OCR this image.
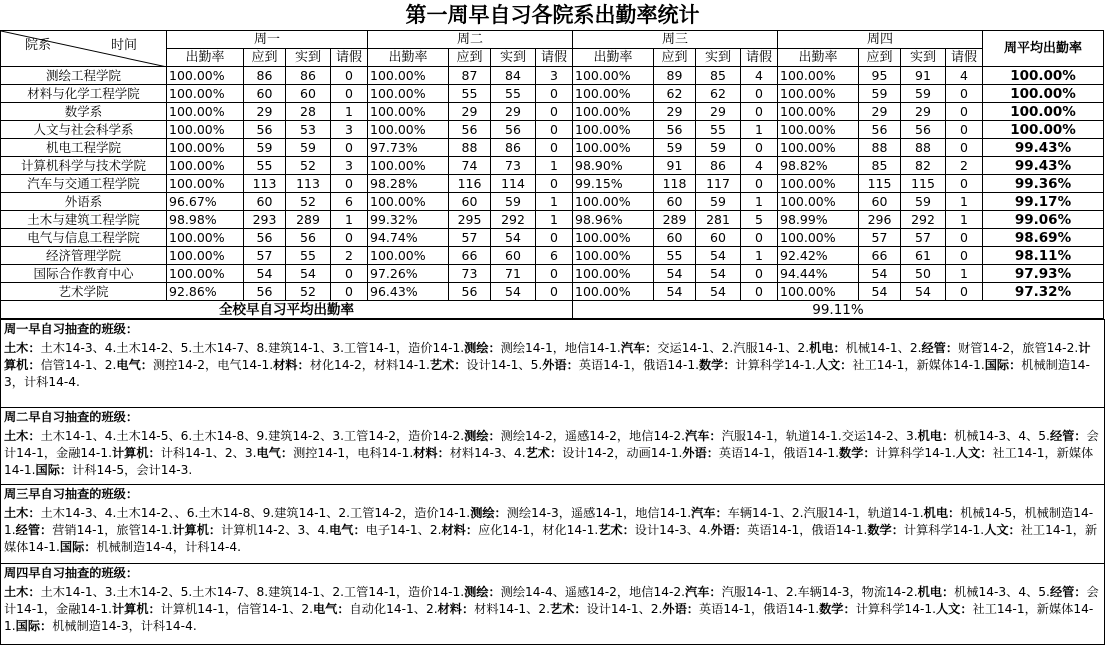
第一周早自习各院系出勤率统计
院系 时间	周一				周二				周三				周四				周平均出勤率
	出勤率	应到	实到	请假	出勤率	应到	实到	请假	出勤率	应到	实到	请假	出勤率	应到	实到	请假	
测绘工程学院	100.00%	86	86	0	100.00%	87	84	3	100.00%	89	85	4	100.00%	95	91	4	100.00%
材料与化学工程学院	100.00%	60	60	0	100.00%	55	55	0	100.00%	62	62	0	100.00%	59	59	0	100.00%
数学系	100.00%	29	28	1	100.00%	29	29	0	100.00%	29	29	0	100.00%	29	29	0	100.00%
人文与社会科学系	100.00%	56	53	3	100.00%	56	56	0	100.00%	56	55	1	100.00%	56	56	0	100.00%
机电工程学院	100.00%	59	59	0	97.73%	88	86	0	100.00%	59	59	0	100.00%	88	88	0	99.43%
计算机科学与技术学院	100.00%	55	52	3	100.00%	74	73	1	98.90%	91	86	4	98.82%	85	82	2	99.43%
汽车与交通工程学院	100.00%	113	113	0	98.28%	116	114	0	99.15%	118	117	0	100.00%	115	115	0	99.36%
外语系	96.67%	60	52	6	100.00%	60	59	1	100.00%	60	59	1	100.00%	60	59	1	99.17%
土木与建筑工程学院	98.98%	293	289	1	99.32%	295	292	1	98.96%	289	281	5	98.99%	296	292	1	99.06%
电气与信息工程学院	100.00%	56	56	0	94.74%	57	54	0	100.00%	60	60	0	100.00%	57	57	0	98.69%
经济管理学院	100.00%	57	55	2	100.00%	66	60	6	100.00%	55	54	1	92.42%	66	61	0	98.11%
国际合作教育中心	100.00%	54	54	0	97.26%	73	71	0	100.00%	54	54	0	94.44%	54	50	1	97.93%
艺术学院	92.86%	56	52	0	96.43%	56	54	0	100.00%	54	54	0	100.00%	54	54	0	97.32%
全校早自习平均出勤率									99.11%								
周一早自习抽查的班级：
土木：土木14-3、4.土木14-2、5.土木14-7、8.建筑14-1、3.工管14-1，造价14-1.测绘：测绘14-1，地信14-1.汽车：交运14-1、2.汽服14-1、2.机电：机械14-1、2.经管：财管14-2，旅管14-2.计算机：信管14-1、2.电气：测控14-2，电气14-1.材料：材化14-2，材料14-1.艺术：设计14-1、5.外语：英语14-1，俄语14-1.数学：计算科学14-1.人文：社工14-1，新媒体14-1.国际：机械制造14-3，计科14-4.
周二早自习抽查的班级：
土木：土木14-1、4.土木14-5、6.土木14-8、9.建筑14-2、3.工管14-2，造价14-2.测绘：测绘14-2，遥感14-2，地信14-2.汽车：汽服14-1，轨道14-1.交运14-2、3.机电：机械14-3、4、5.经管：会计14-1，金融14-1.计算机：计科14-1、2、3.电气：测控14-1，电科14-1.材料：材料14-3、4.艺术：设计14-2，动画14-1.外语：英语14-1，俄语14-1.数学：计算科学14-1.人文：社工14-1，新媒体14-1.国际：计科14-5，会计14-3.
周三早自习抽查的班级：
土木：土木14-3、4.土木14-2、、6.土木14-8、9.建筑14-1、2.工管14-2，造价14-1.测绘：测绘14-3，遥感14-1，地信14-1.汽车：车辆14-1、2.汽服14-1，轨道14-1.机电：机械14-5，机械制造14-1.经管：营销14-1，旅管14-1.计算机：计算机14-2、3、4.电气：电子14-1、2.材料：应化14-1，材化14-1.艺术：设计14-3、4.外语：英语14-1，俄语14-1.数学：计算科学14-1.人文：社工14-1，新媒体14-1.国际：机械制造14-4，计科14-4.
周四早自习抽查的班级：
土木：土木14-1、3.土木14-2、5.土木14-7、8.建筑14-1、2.工管14-1，造价14-1.测绘：测绘14-4、遥感14-2，地信14-2.汽车：汽服14-1、2.车辆14-3，物流14-2.机电：机械14-3、4、5.经管：会计14-1，金融14-1.计算机：计算机14-1，信管14-1、2.电气：自动化14-1、2.材料：材料14-1、2.艺术：设计14-1、2.外语：英语14-1，俄语14-1.数学：计算科学14-1.人文：社工14-1，新媒体14-1.国际：机械制造14-3，计科14-4.
